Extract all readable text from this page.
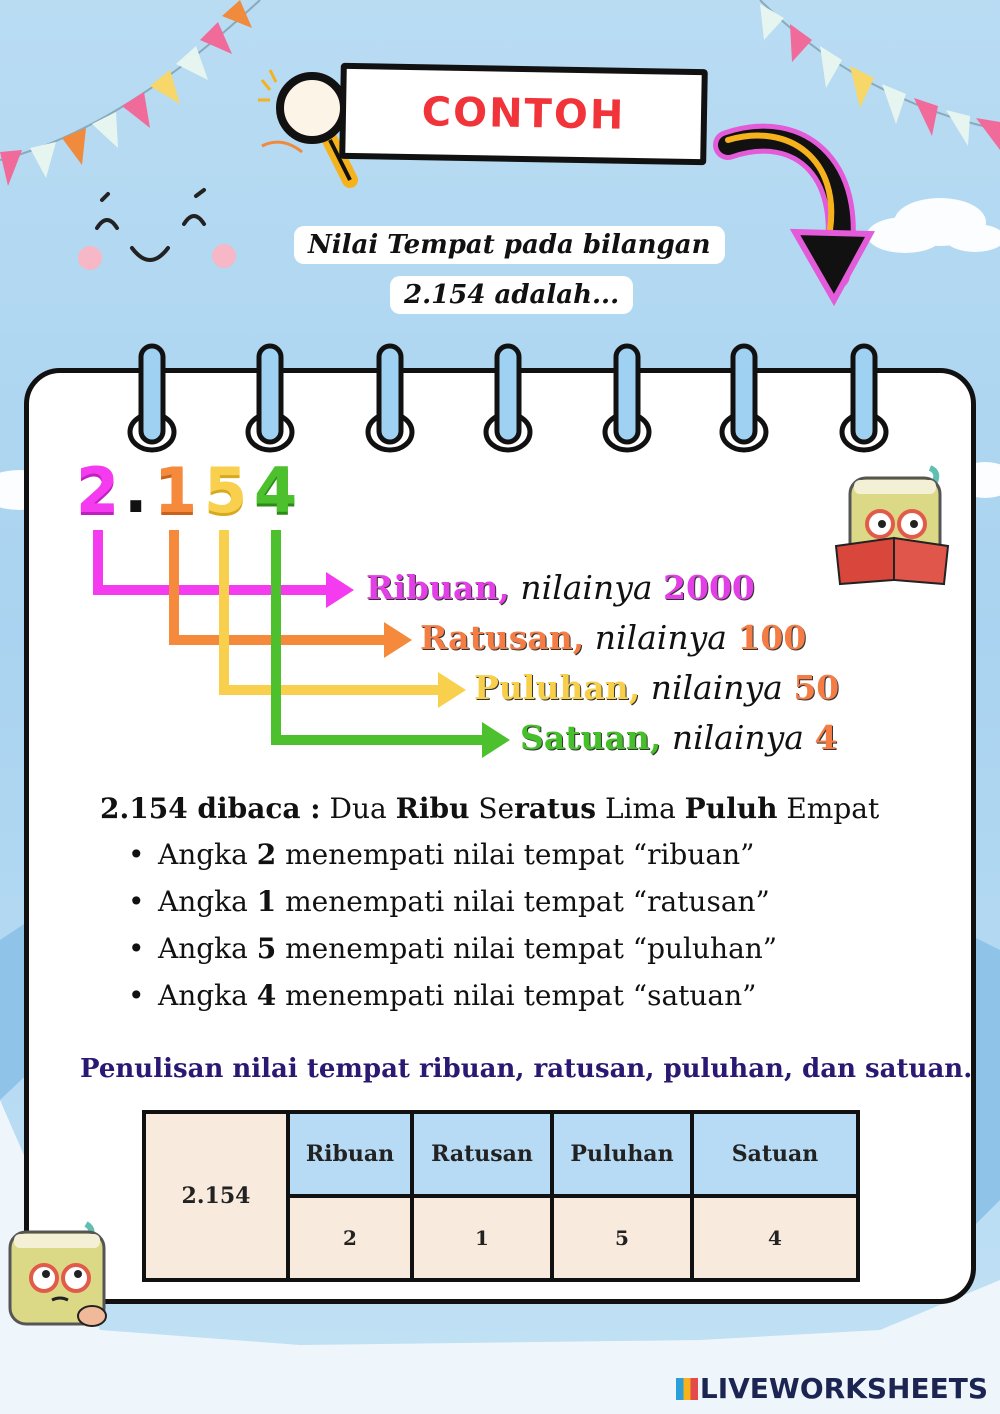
CONTOH
Nilai Tempat pada bilangan
2.154 adalah...
2 . 1 5 4
Ribuan, nilainya 2000
Ratusan, nilainya 100
Puluhan, nilainya 50
Satuan, nilainya 4
2.154 dibaca : Dua Ribu Seratus Lima Puluh Empat
• Angka 2 menempati nilai tempat “ribuan”
• Angka 1 menempati nilai tempat “ratusan”
• Angka 5 menempati nilai tempat “puluhan”
• Angka 4 menempati nilai tempat “satuan”
Penulisan nilai tempat ribuan, ratusan, puluhan, dan satuan.
2.154	Ribuan	Ratusan	Puluhan	Satuan
	2	1	5	4
LIVEWORKSHEETS
